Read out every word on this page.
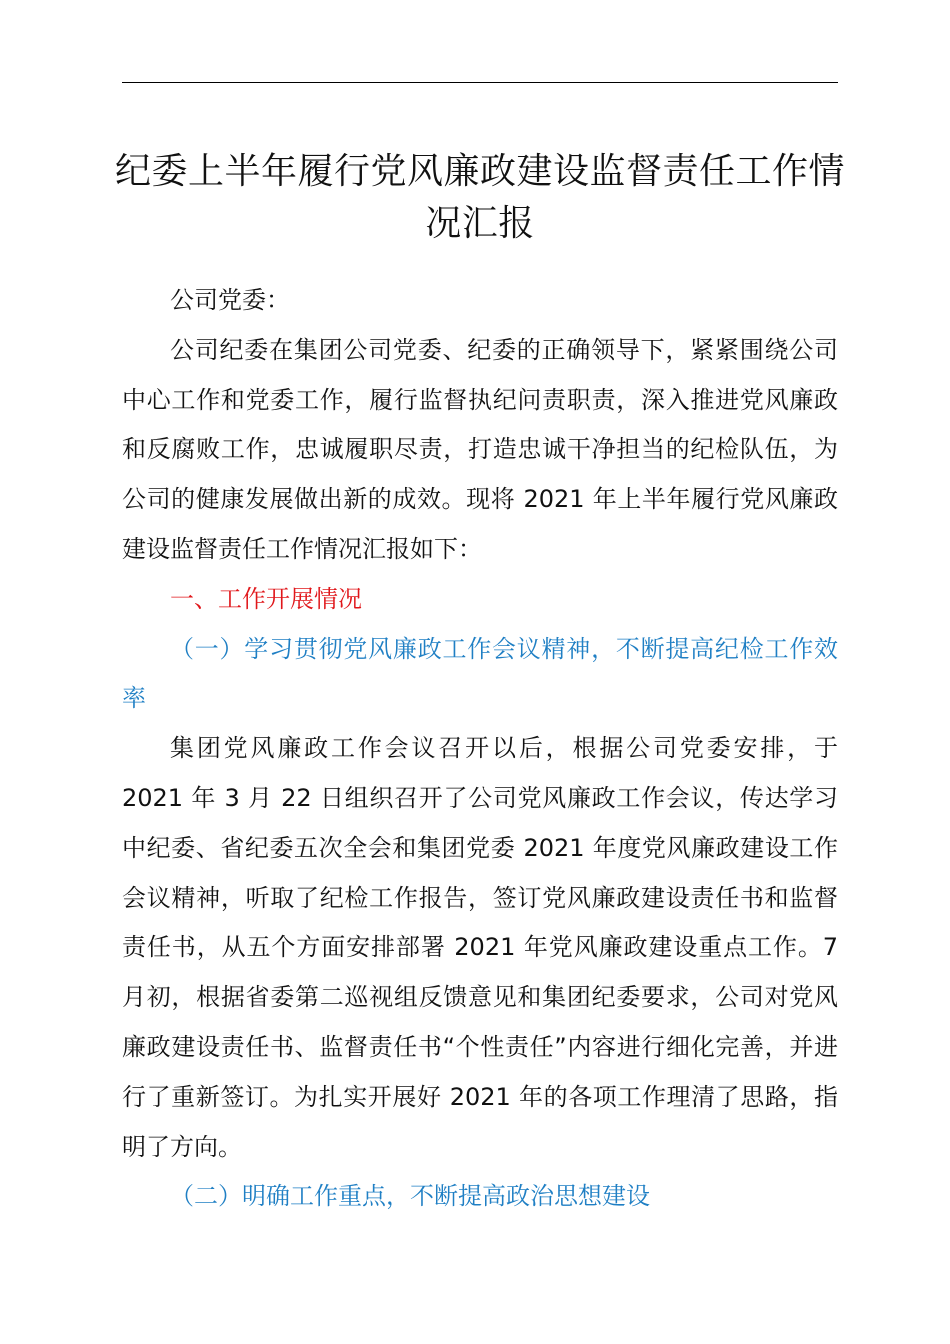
纪委上半年履行党风廉政建设监督责任工作情况汇报

公司党委：

公司纪委在集团公司党委、纪委的正确领导下，紧紧围绕公司中心工作和党委工作，履行监督执纪问责职责，深入推进党风廉政和反腐败工作，忠诚履职尽责，打造忠诚干净担当的纪检队伍，为公司的健康发展做出新的成效。现将 2021 年上半年履行党风廉政建设监督责任工作情况汇报如下：

一、工作开展情况

（一）学习贯彻党风廉政工作会议精神，不断提高纪检工作效率

集团党风廉政工作会议召开以后，根据公司党委安排，于 2021 年 3 月 22 日组织召开了公司党风廉政工作会议，传达学习中纪委、省纪委五次全会和集团党委 2021 年度党风廉政建设工作会议精神，听取了纪检工作报告，签订党风廉政建设责任书和监督责任书，从五个方面安排部署 2021 年党风廉政建设重点工作。7 月初，根据省委第二巡视组反馈意见和集团纪委要求，公司对党风廉政建设责任书、监督责任书“个性责任”内容进行细化完善，并进行了重新签订。为扎实开展好 2021 年的各项工作理清了思路，指明了方向。

（二）明确工作重点，不断提高政治思想建设
